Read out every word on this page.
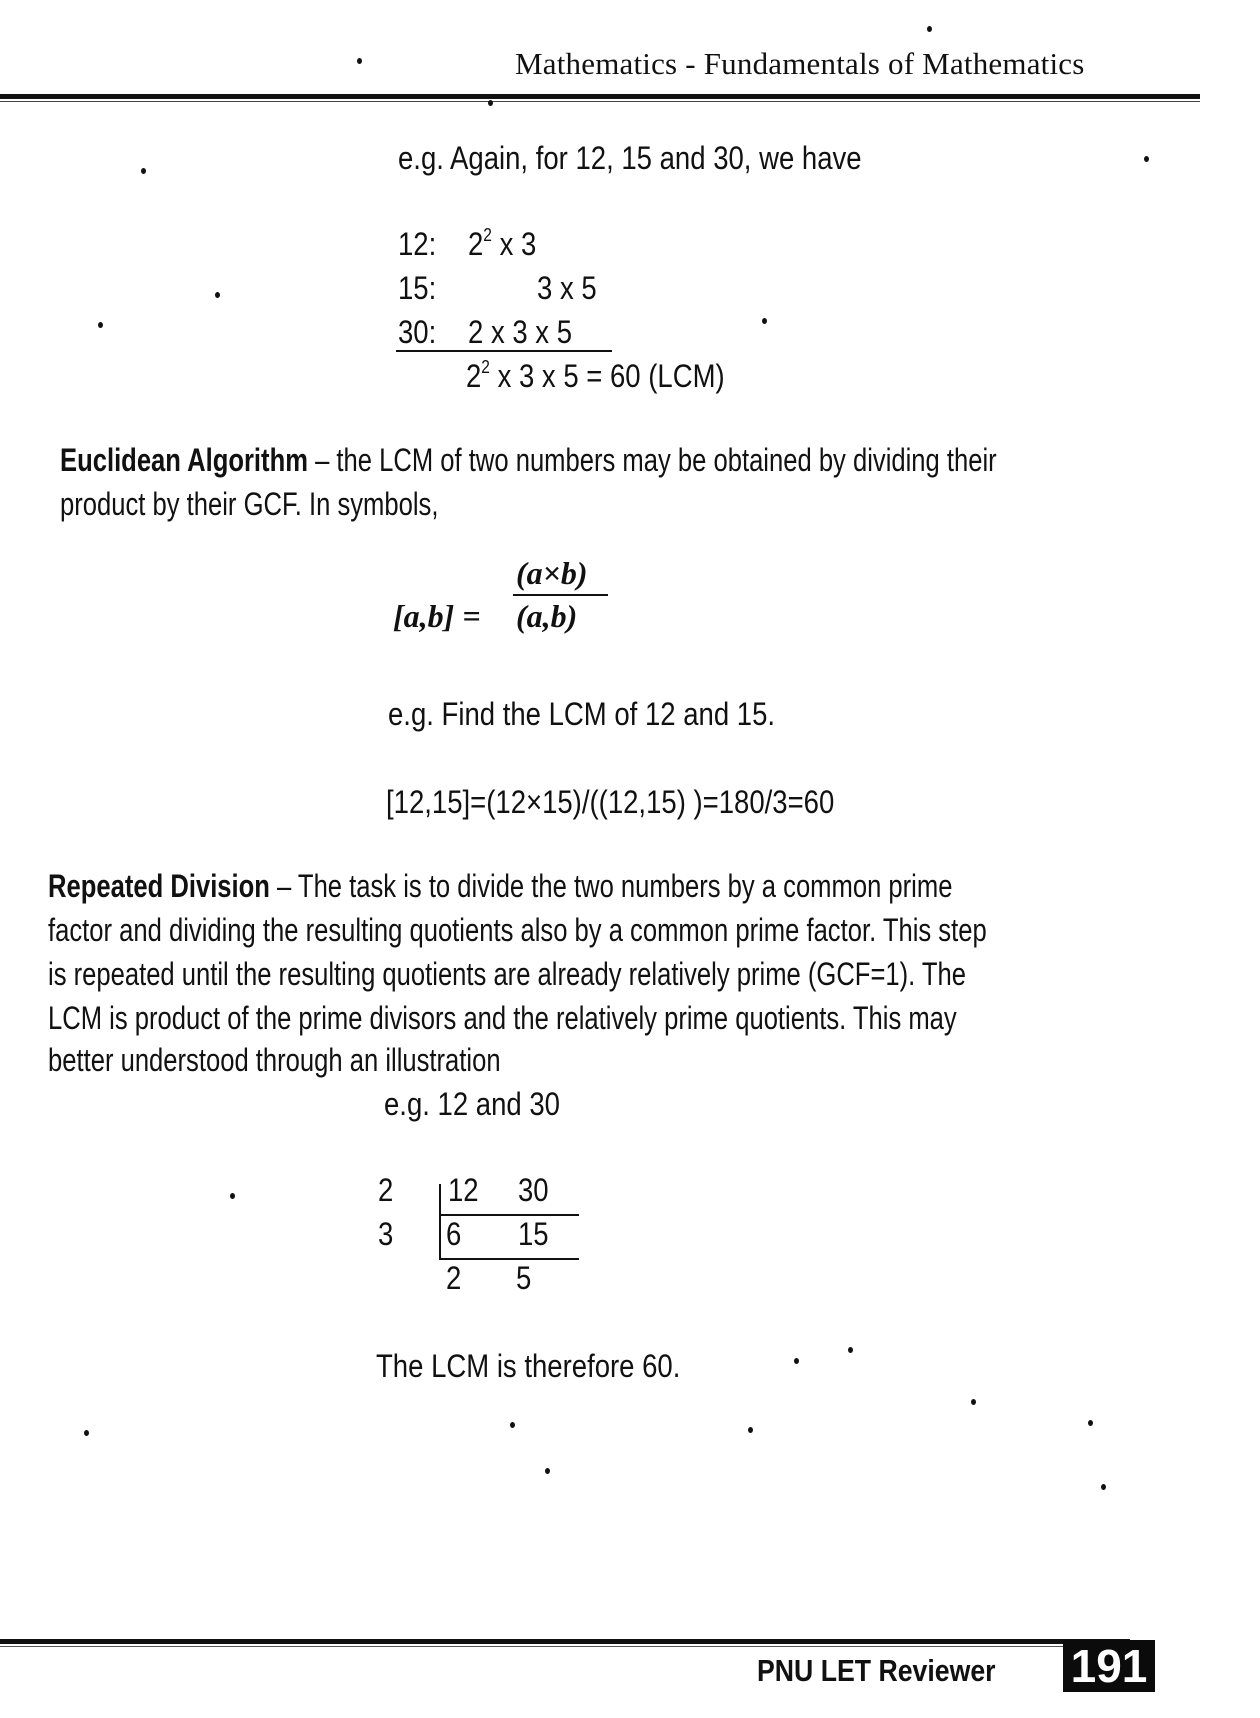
Mathematics - Fundamentals of Mathematics
e.g. Again, for 12, 15 and 30, we have
12: $2^2$ x 3
15:	3 x 5
30: 2 x 3 x 5
$2^2$ x 3 x 5 = 60 (LCM)
Euclidean Algorithm – the LCM of two numbers may be obtained by dividing their
product by their GCF. In symbols,
[a,b] =
(a×b)
(a,b)
e.g. Find the LCM of 12 and 15.
[12,15]=(12×15)/((12,15) )=180/3=60
Repeated Division – The task is to divide the two numbers by a common prime
factor and dividing the resulting quotients also by a common prime factor. This step
is repeated until the resulting quotients are already relatively prime (GCF=1). The
LCM is product of the prime divisors and the relatively prime quotients. This may
better understood through an illustration
e.g. 12 and 30
2
3
12 30
6 15
2 5
The LCM is therefore 60.
PNU LET Reviewer	191
